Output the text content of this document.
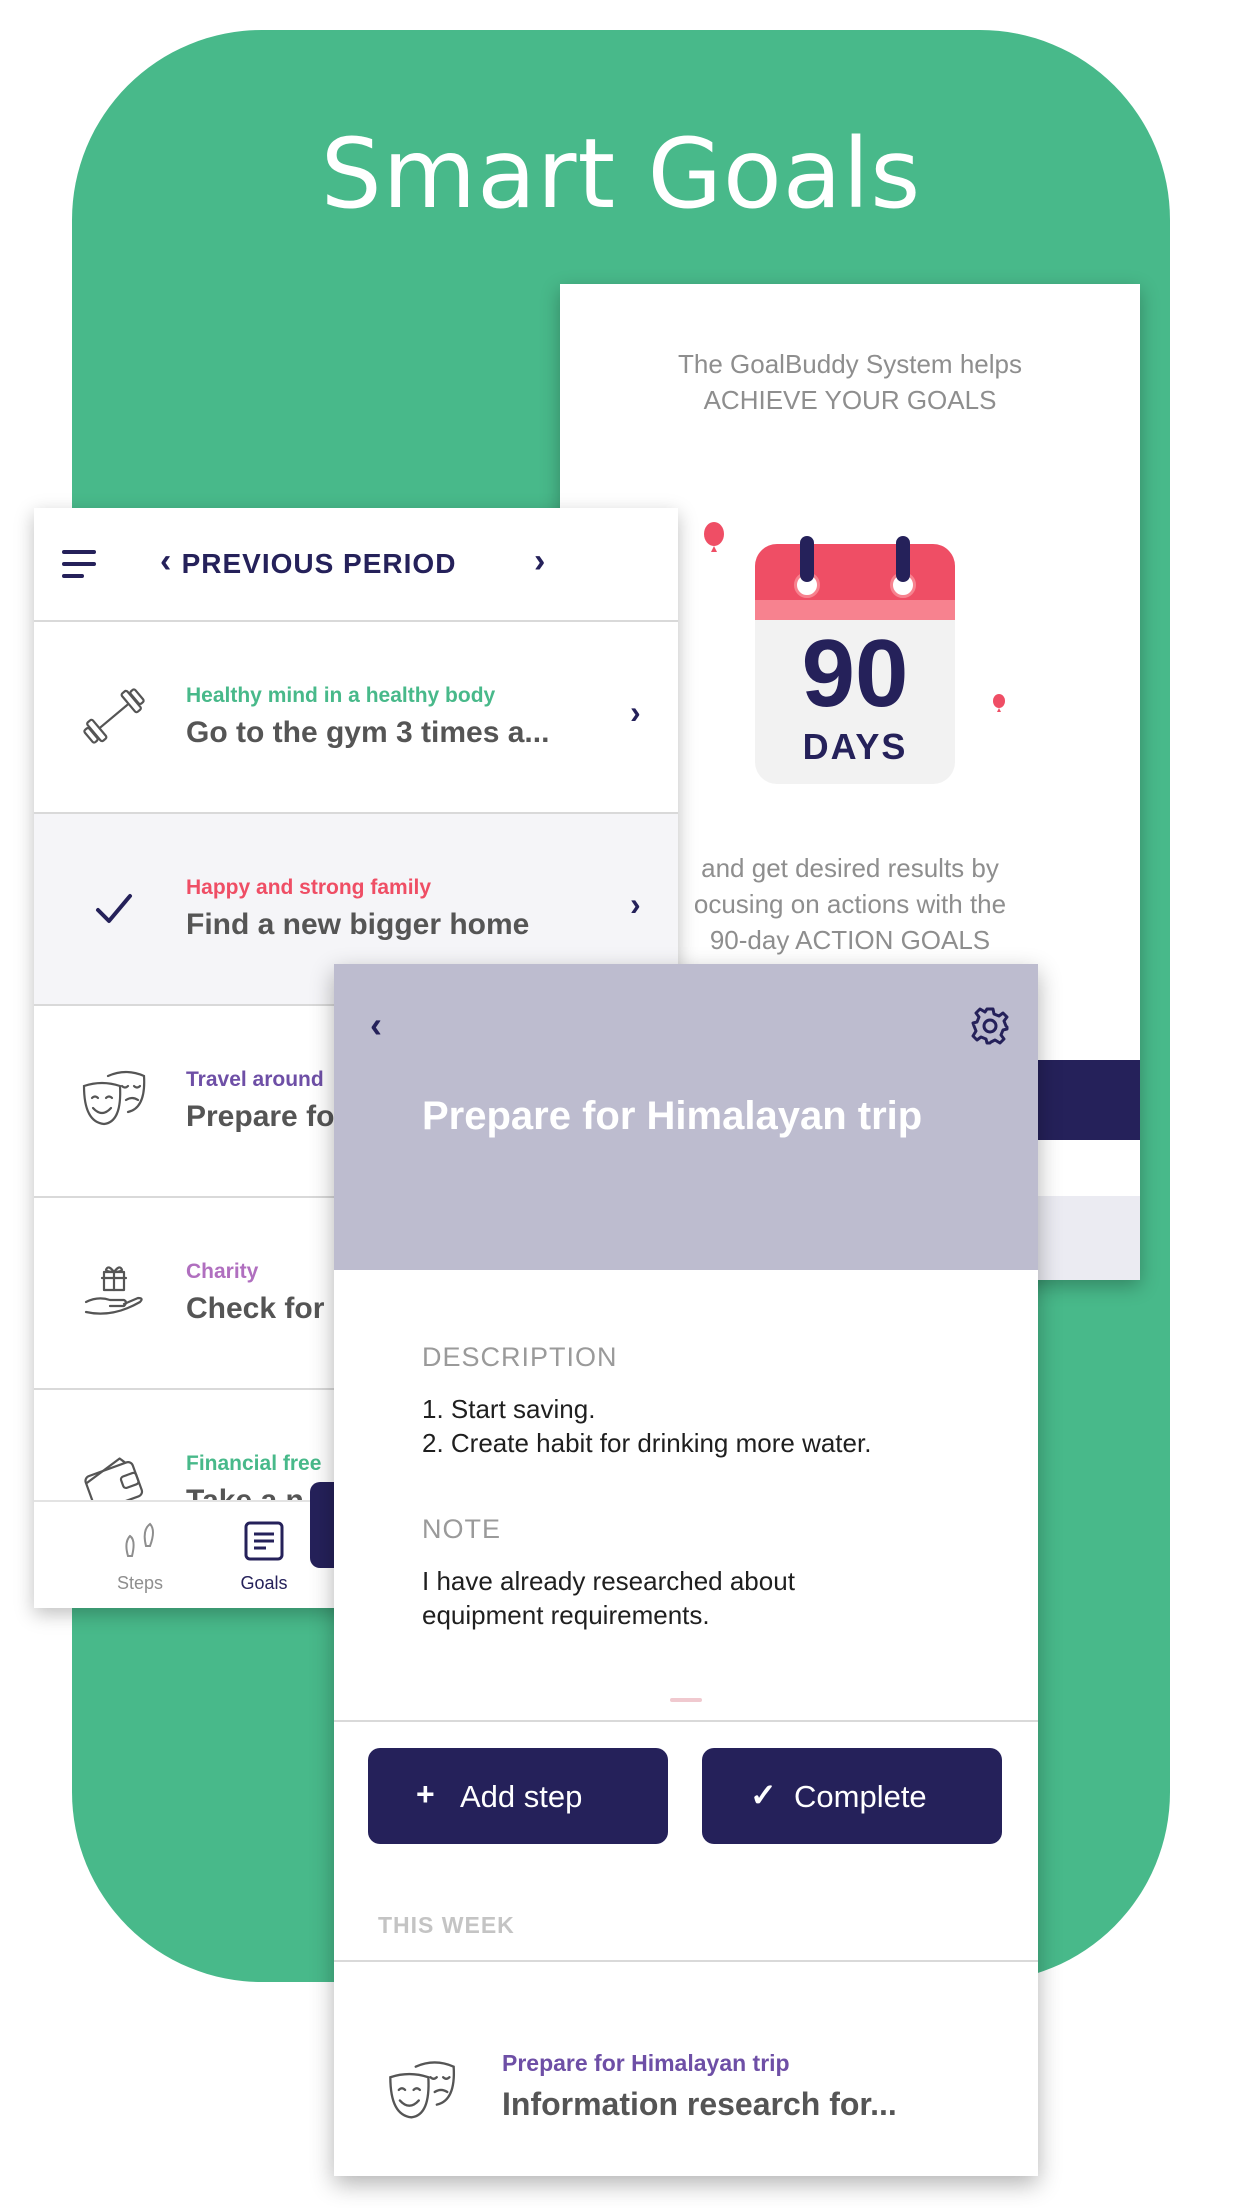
Smart Goals
The GoalBuddy System helps
ACHIEVE YOUR GOALS
90
DAYS
and get desired results by
ocusing on actions with the
90-day ACTION GOALS
‹ PREVIOUS PERIOD	›
Healthy mind in a healthy body
Go to the gym 3 times a...
›
Happy and strong family
Find a new bigger home
›
Travel around
Prepare fo
Charity
Check for
Financial free
Steps	Goals
‹
Prepare for Himalayan trip
DESCRIPTION
1. Start saving.
2. Create habit for drinking more water.
NOTE
I have already researched about
equipment requirements.
+ Add step	✓ Complete
THIS WEEK
Prepare for Himalayan trip
Information research for...
